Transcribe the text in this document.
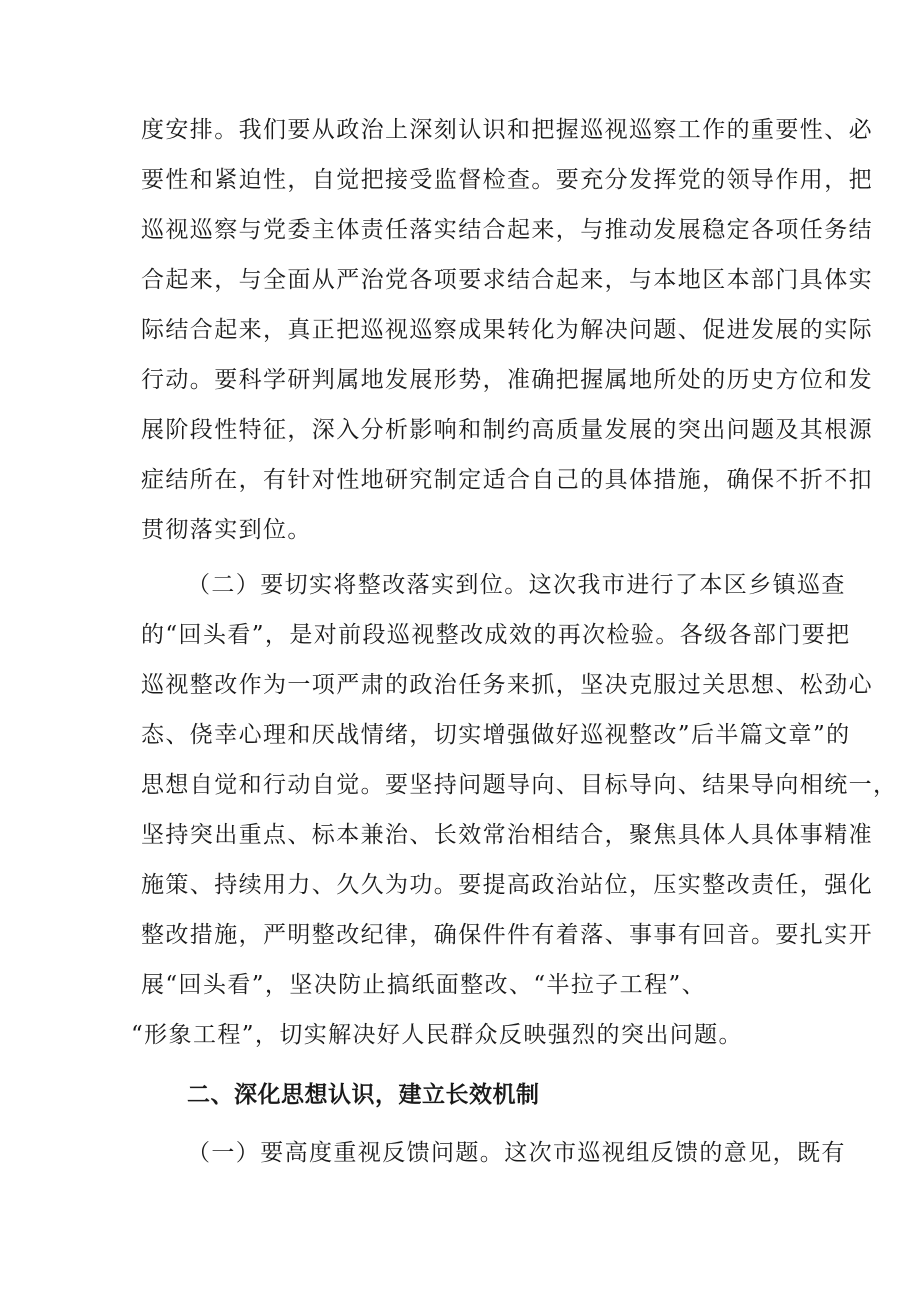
度安排。我们要从政治上深刻认识和把握巡视巡察工作的重要性、必
要性和紧迫性，自觉把接受监督检查。要充分发挥党的领导作用，把
巡视巡察与党委主体责任落实结合起来，与推动发展稳定各项任务结
合起来，与全面从严治党各项要求结合起来，与本地区本部门具体实
际结合起来，真正把巡视巡察成果转化为解决问题、促进发展的实际
行动。要科学研判属地发展形势，准确把握属地所处的历史方位和发
展阶段性特征，深入分析影响和制约高质量发展的突出问题及其根源
症结所在，有针对性地研究制定适合自己的具体措施，确保不折不扣
贯彻落实到位。
（二）要切实将整改落实到位。这次我市进行了本区乡镇巡查
的“回头看”，是对前段巡视整改成效的再次检验。各级各部门要把
巡视整改作为一项严肃的政治任务来抓，坚决克服过关思想、松劲心
态、侥幸心理和厌战情绪，切实增强做好巡视整改”后半篇文章”的
思想自觉和行动自觉。要坚持问题导向、目标导向、结果导向相统一，
坚持突出重点、标本兼治、长效常治相结合，聚焦具体人具体事精准
施策、持续用力、久久为功。要提高政治站位，压实整改责任，强化
整改措施，严明整改纪律，确保件件有着落、事事有回音。要扎实开
展“回头看”，坚决防止搞纸面整改、“半拉子工程”、
“形象工程”，切实解决好人民群众反映强烈的突出问题。
二、深化思想认识，建立长效机制
（一）要高度重视反馈问题。这次市巡视组反馈的意见，既有
